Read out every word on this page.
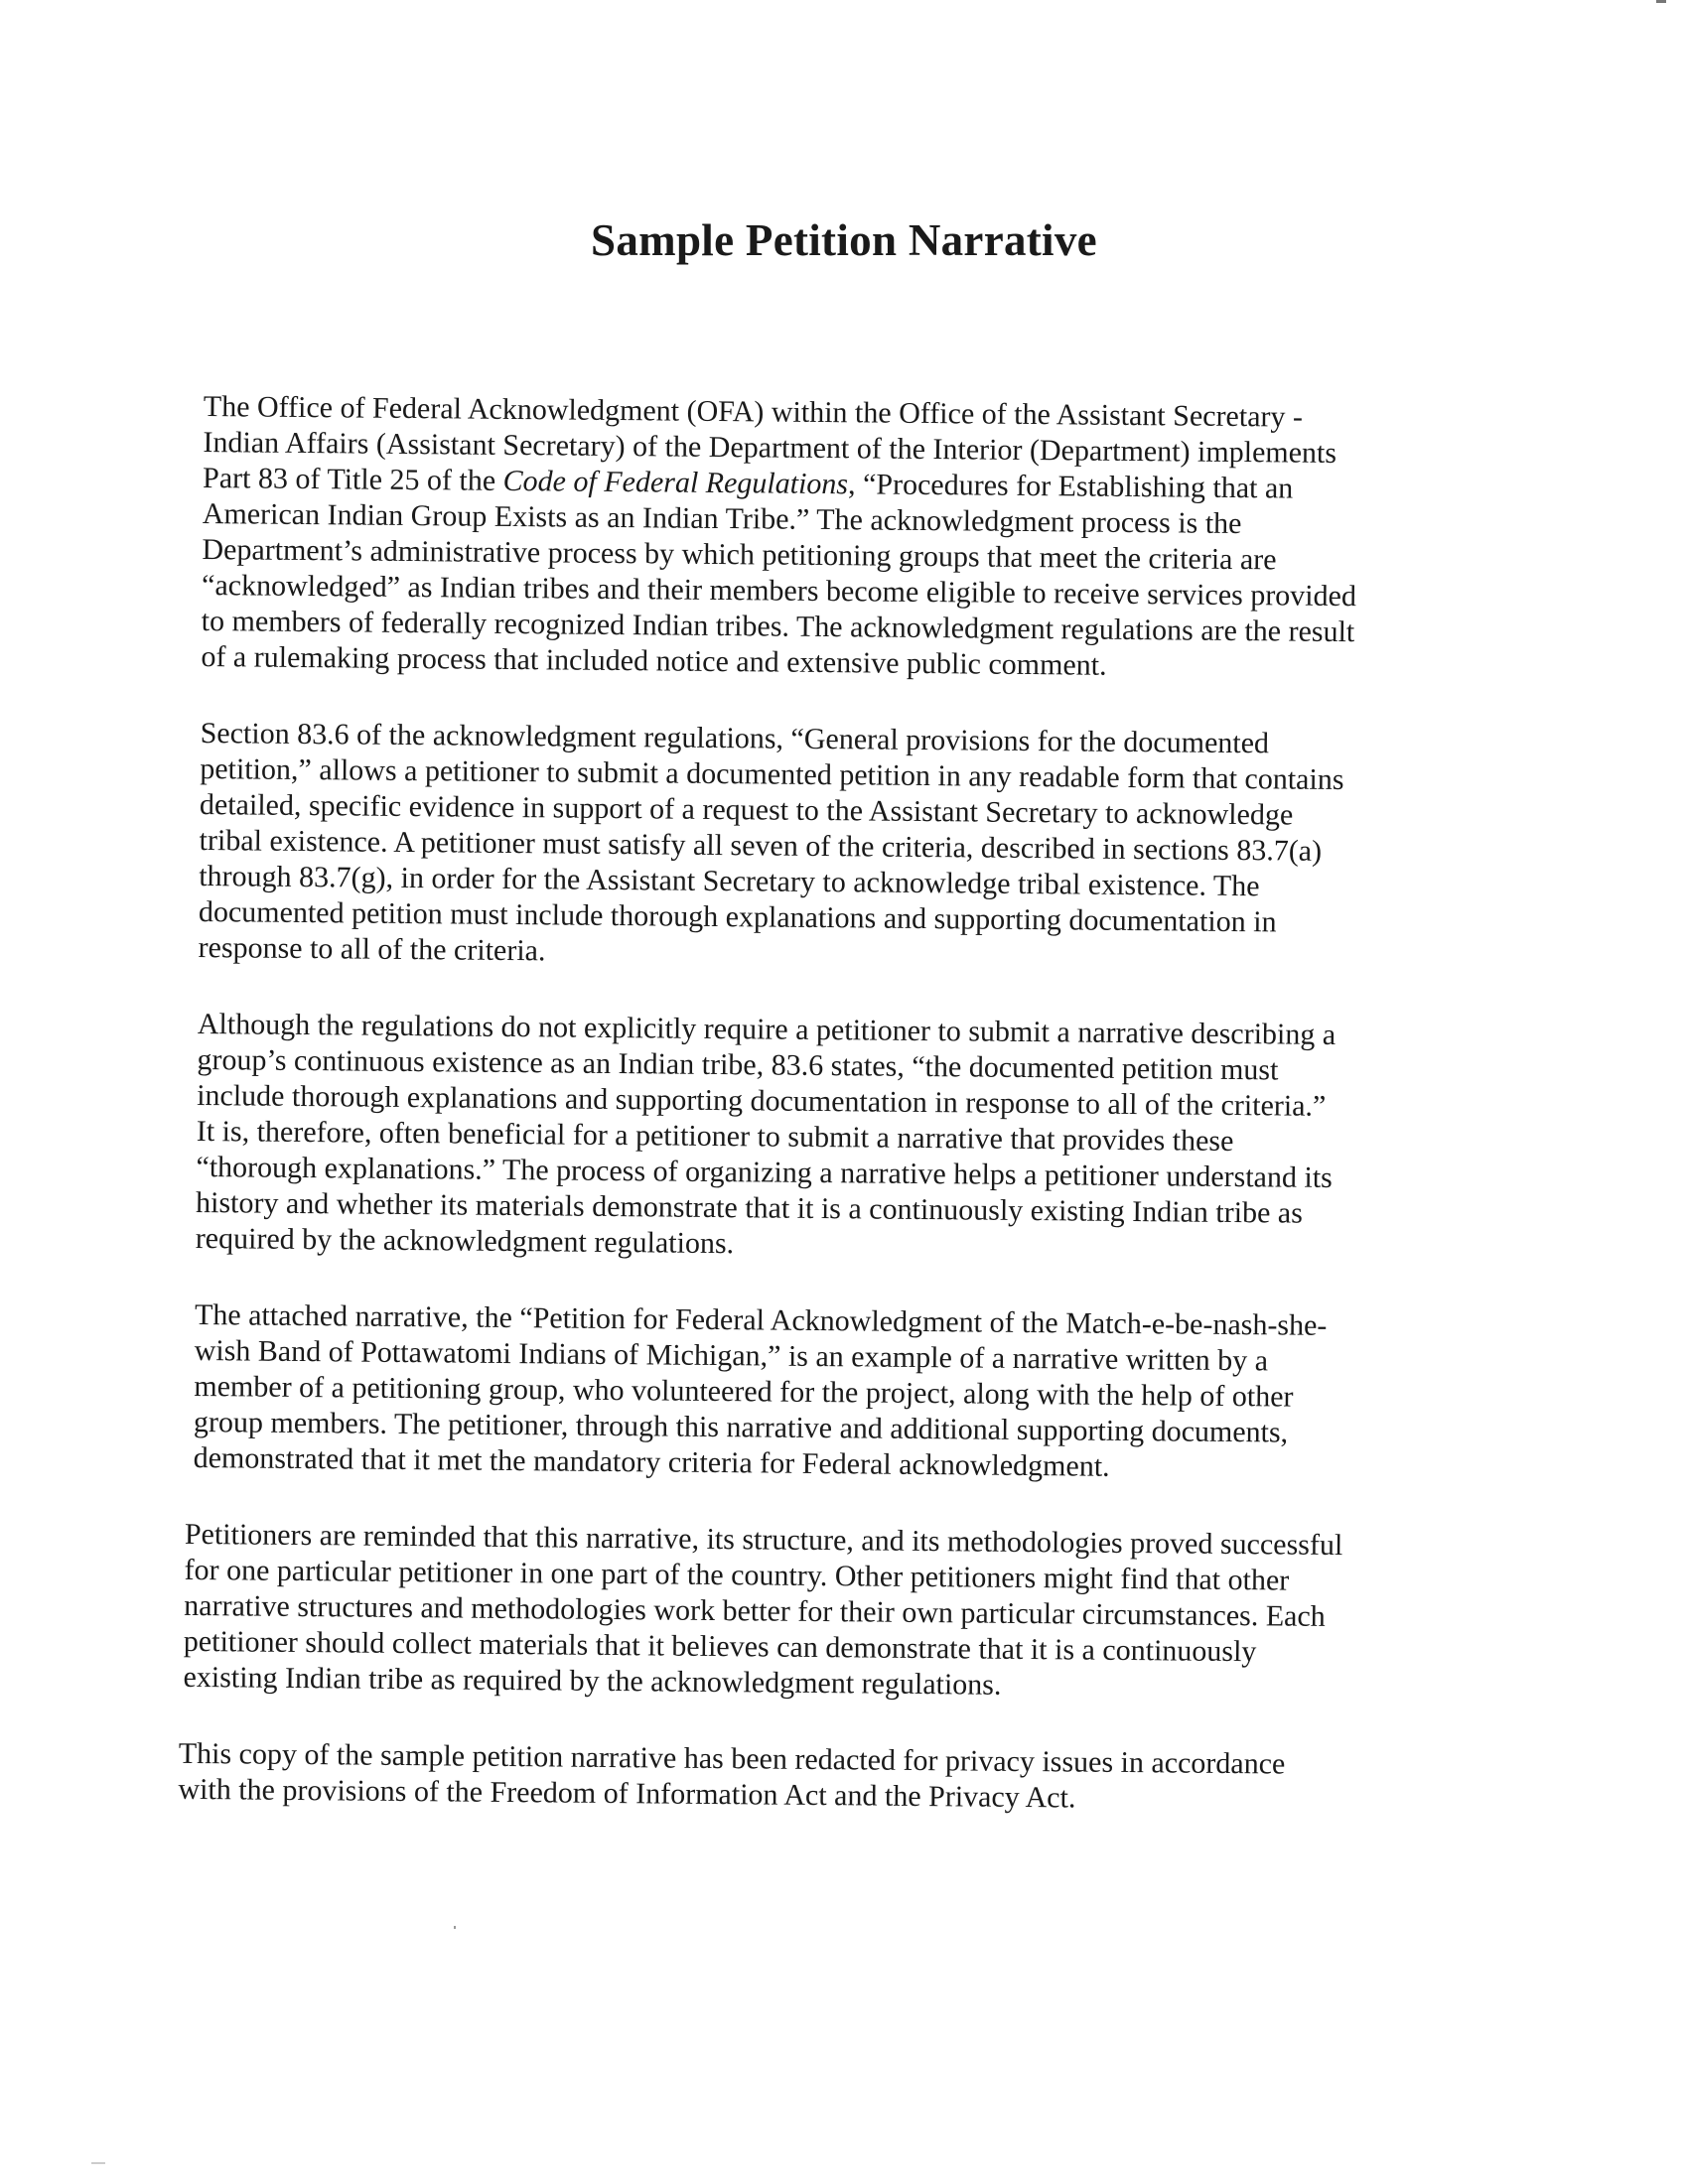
Sample Petition Narrative

The Office of Federal Acknowledgment (OFA) within the Office of the Assistant Secretary -
Indian Affairs (Assistant Secretary) of the Department of the Interior (Department) implements
Part 83 of Title 25 of the Code of Federal Regulations, “Procedures for Establishing that an
American Indian Group Exists as an Indian Tribe.” The acknowledgment process is the
Department’s administrative process by which petitioning groups that meet the criteria are
“acknowledged” as Indian tribes and their members become eligible to receive services provided
to members of federally recognized Indian tribes. The acknowledgment regulations are the result
of a rulemaking process that included notice and extensive public comment.

Section 83.6 of the acknowledgment regulations, “General provisions for the documented
petition,” allows a petitioner to submit a documented petition in any readable form that contains
detailed, specific evidence in support of a request to the Assistant Secretary to acknowledge
tribal existence. A petitioner must satisfy all seven of the criteria, described in sections 83.7(a)
through 83.7(g), in order for the Assistant Secretary to acknowledge tribal existence. The
documented petition must include thorough explanations and supporting documentation in
response to all of the criteria.

Although the regulations do not explicitly require a petitioner to submit a narrative describing a
group’s continuous existence as an Indian tribe, 83.6 states, “the documented petition must
include thorough explanations and supporting documentation in response to all of the criteria.”
It is, therefore, often beneficial for a petitioner to submit a narrative that provides these
“thorough explanations.” The process of organizing a narrative helps a petitioner understand its
history and whether its materials demonstrate that it is a continuously existing Indian tribe as
required by the acknowledgment regulations.

The attached narrative, the “Petition for Federal Acknowledgment of the Match-e-be-nash-she-
wish Band of Pottawatomi Indians of Michigan,” is an example of a narrative written by a
member of a petitioning group, who volunteered for the project, along with the help of other
group members. The petitioner, through this narrative and additional supporting documents,
demonstrated that it met the mandatory criteria for Federal acknowledgment.

Petitioners are reminded that this narrative, its structure, and its methodologies proved successful
for one particular petitioner in one part of the country. Other petitioners might find that other
narrative structures and methodologies work better for their own particular circumstances. Each
petitioner should collect materials that it believes can demonstrate that it is a continuously
existing Indian tribe as required by the acknowledgment regulations.

This copy of the sample petition narrative has been redacted for privacy issues in accordance
with the provisions of the Freedom of Information Act and the Privacy Act.
